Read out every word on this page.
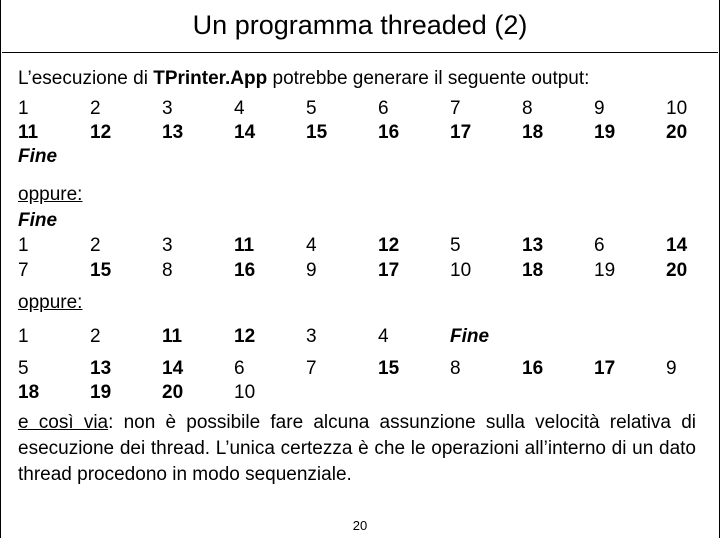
Un programma threaded (2)
L’esecuzione di TPrinter.App potrebbe generare il seguente output:
1	2	3	4	5	6	7	8	9	10
11	12	13	14	15	16	17	18	19	20
Fine
oppure:
Fine
1	2	3	11	4	12	5	13	6	14
7	15	8	16	9	17	10	18	19	20
oppure:
1	2	11	12	3	4	Fine
5	13	14	6	7	15	8	16	17	9
18	19	20	10
e così via: non è possibile fare alcuna assunzione sulla velocità relativa di esecuzione dei thread. L’unica certezza è che le operazioni all’interno di un dato thread procedono in modo sequenziale.
20
